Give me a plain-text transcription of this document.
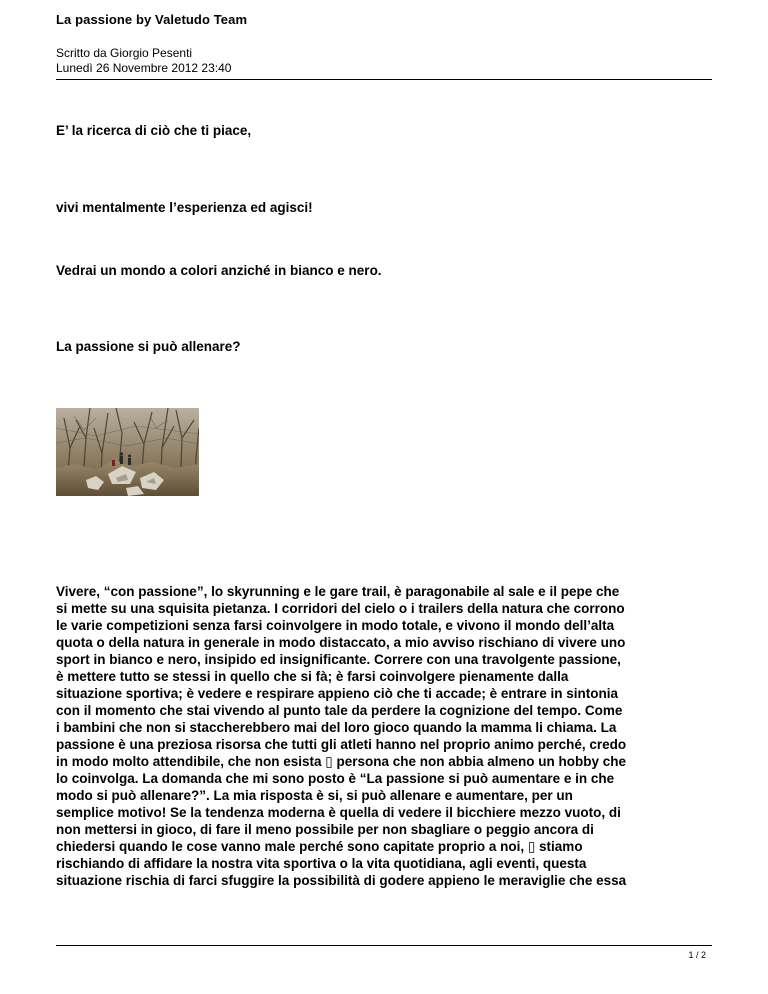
La passione by Valetudo Team
Scritto da Giorgio Pesenti
Lunedì 26 Novembre 2012 23:40
E’ la ricerca di ciò che ti piace,
vivi mentalmente l’esperienza ed agisci!
Vedrai un mondo a colori anziché in bianco e nero.
La passione si può allenare?
Vivere, “con passione”, lo skyrunning e le gare trail, è paragonabile al sale e il pepe che
si mette su una squisita pietanza. I corridori del cielo o i trailers della natura che corrono
le varie competizioni senza farsi coinvolgere in modo totale, e vivono il mondo dell’alta
quota o della natura in generale in modo distaccato, a mio avviso rischiano di vivere uno
sport in bianco e nero, insipido ed insignificante. Correre con una travolgente passione,
è mettere tutto se stessi in quello che si fà; è farsi coinvolgere pienamente dalla
situazione sportiva; è vedere e respirare appieno ciò che ti accade; è entrare in sintonia
con il momento che stai vivendo al punto tale da perdere la cognizione del tempo. Come
i bambini che non si staccherebbero mai del loro gioco quando la mamma li chiama. La
passione è una preziosa risorsa che tutti gli atleti hanno nel proprio animo perché, credo
in modo molto attendibile, che non esista ▯ persona che non abbia almeno un hobby che
lo coinvolga. La domanda che mi sono posto è “La passione si può aumentare e in che
modo si può allenare?”. La mia risposta è si, si può allenare e aumentare, per un
semplice motivo! Se la tendenza moderna è quella di vedere il bicchiere mezzo vuoto, di
non mettersi in gioco, di fare il meno possibile per non sbagliare o peggio ancora di
chiedersi quando le cose vanno male perché sono capitate proprio a noi, ▯ stiamo
rischiando di affidare la nostra vita sportiva o la vita quotidiana, agli eventi, questa
situazione rischia di farci sfuggire la possibilità di godere appieno le meraviglie che essa
1 / 2
